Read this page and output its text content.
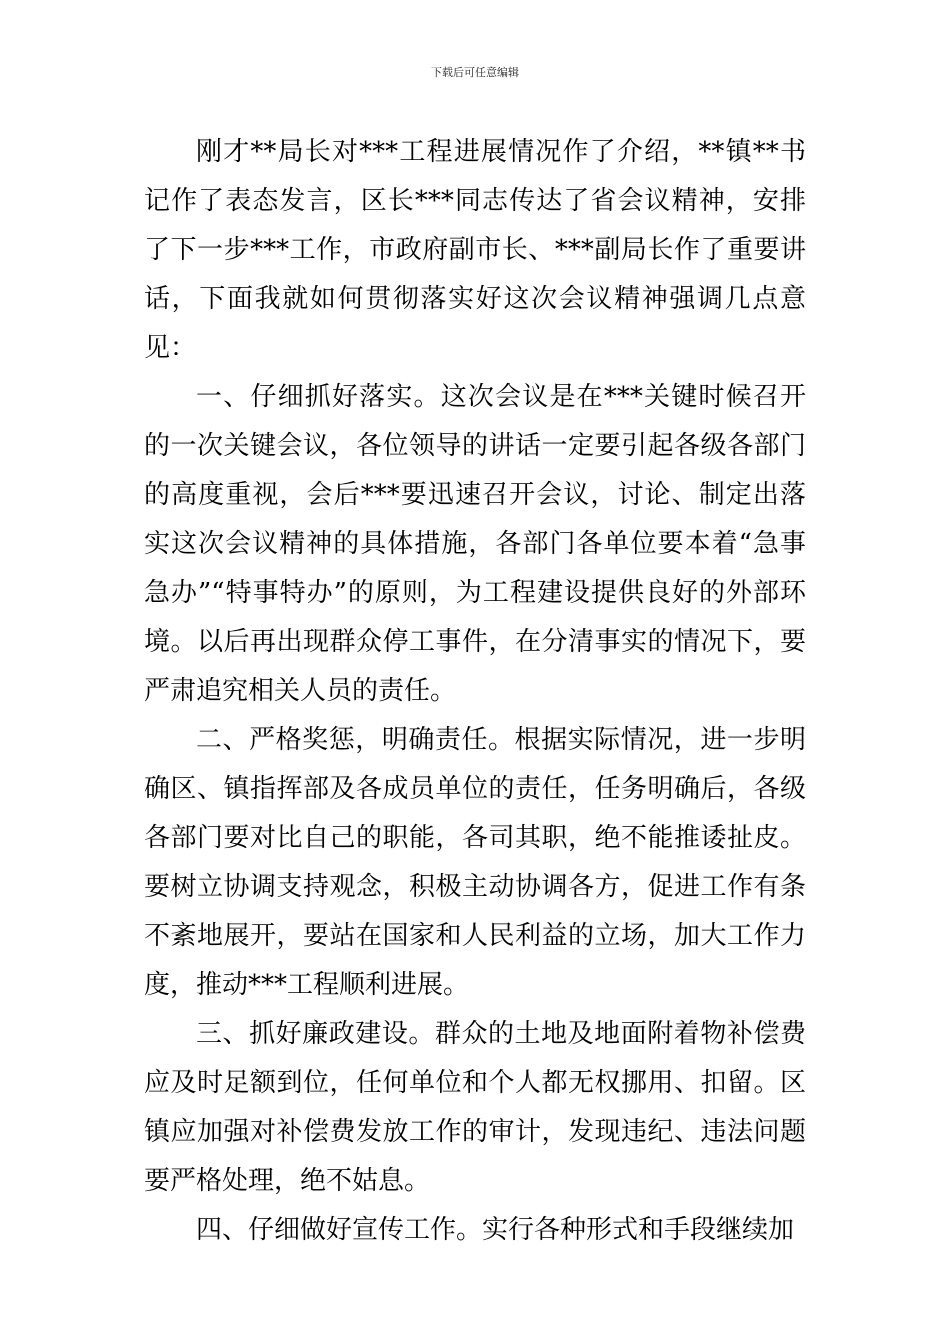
下载后可任意编辑

刚才**局长对***工程进展情况作了介绍，**镇**书记作了表态发言，区长***同志传达了省会议精神，安排了下一步***工作，市政府副市长、***副局长作了重要讲话，下面我就如何贯彻落实好这次会议精神强调几点意见：

一、仔细抓好落实。这次会议是在***关键时候召开的一次关键会议，各位领导的讲话一定要引起各级各部门的高度重视，会后***要迅速召开会议，讨论、制定出落实这次会议精神的具体措施，各部门各单位要本着“急事急办”“特事特办”的原则，为工程建设提供良好的外部环境。以后再出现群众停工事件，在分清事实的情况下，要严肃追究相关人员的责任。

二、严格奖惩，明确责任。根据实际情况，进一步明确区、镇指挥部及各成员单位的责任，任务明确后，各级各部门要对比自己的职能，各司其职，绝不能推诿扯皮。要树立协调支持观念，积极主动协调各方，促进工作有条不紊地展开，要站在国家和人民利益的立场，加大工作力度，推动***工程顺利进展。

三、抓好廉政建设。群众的土地及地面附着物补偿费应及时足额到位，任何单位和个人都无权挪用、扣留。区镇应加强对补偿费发放工作的审计，发现违纪、违法问题要严格处理，绝不姑息。

四、仔细做好宣传工作。实行各种形式和手段继续加
